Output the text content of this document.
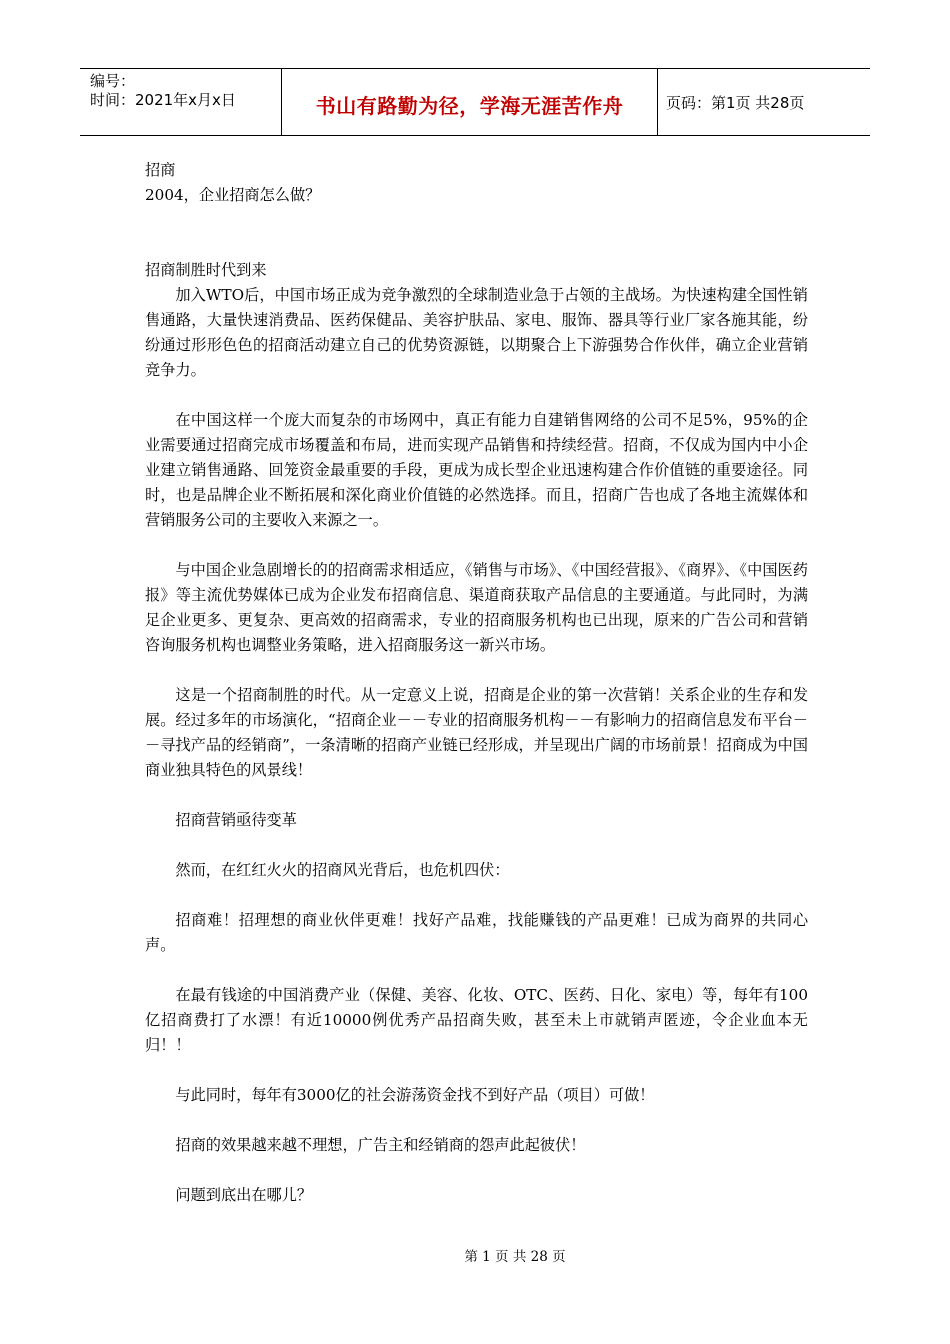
编号：
时间：2021年x月x日	书山有路勤为径，学海无涯苦作舟	页码：第1页 共28页

招商

2004，企业招商怎么做？

招商制胜时代到来

加入WTO后，中国市场正成为竞争激烈的全球制造业急于占领的主战场。为快速构建全国性销售通路，大量快速消费品、医药保健品、美容护肤品、家电、服饰、器具等行业厂家各施其能，纷纷通过形形色色的招商活动建立自己的优势资源链，以期聚合上下游强势合作伙伴，确立企业营销竞争力。

在中国这样一个庞大而复杂的市场网中，真正有能力自建销售网络的公司不足5%，95%的企业需要通过招商完成市场覆盖和布局，进而实现产品销售和持续经营。招商，不仅成为国内中小企业建立销售通路、回笼资金最重要的手段，更成为成长型企业迅速构建合作价值链的重要途径。同时，也是品牌企业不断拓展和深化商业价值链的必然选择。而且，招商广告也成了各地主流媒体和营销服务公司的主要收入来源之一。

与中国企业急剧增长的的招商需求相适应，《销售与市场》、《中国经营报》、《商界》、《中国医药报》等主流优势媒体已成为企业发布招商信息、渠道商获取产品信息的主要通道。与此同时，为满足企业更多、更复杂、更高效的招商需求，专业的招商服务机构也已出现，原来的广告公司和营销咨询服务机构也调整业务策略，进入招商服务这一新兴市场。

这是一个招商制胜的时代。从一定意义上说，招商是企业的第一次营销！关系企业的生存和发展。经过多年的市场演化，“招商企业－－专业的招商服务机构－－有影响力的招商信息发布平台－－寻找产品的经销商”，一条清晰的招商产业链已经形成，并呈现出广阔的市场前景！招商成为中国商业独具特色的风景线！

招商营销亟待变革

然而，在红红火火的招商风光背后，也危机四伏：

招商难！招理想的商业伙伴更难！找好产品难，找能赚钱的产品更难！已成为商界的共同心声。

在最有钱途的中国消费产业（保健、美容、化妆、OTC、医药、日化、家电）等，每年有100亿招商费打了水漂！有近10000例优秀产品招商失败，甚至未上市就销声匿迹，令企业血本无归！！

与此同时，每年有3000亿的社会游荡资金找不到好产品（项目）可做！

招商的效果越来越不理想，广告主和经销商的怨声此起彼伏！

问题到底出在哪儿？

第 1 页 共 28 页
